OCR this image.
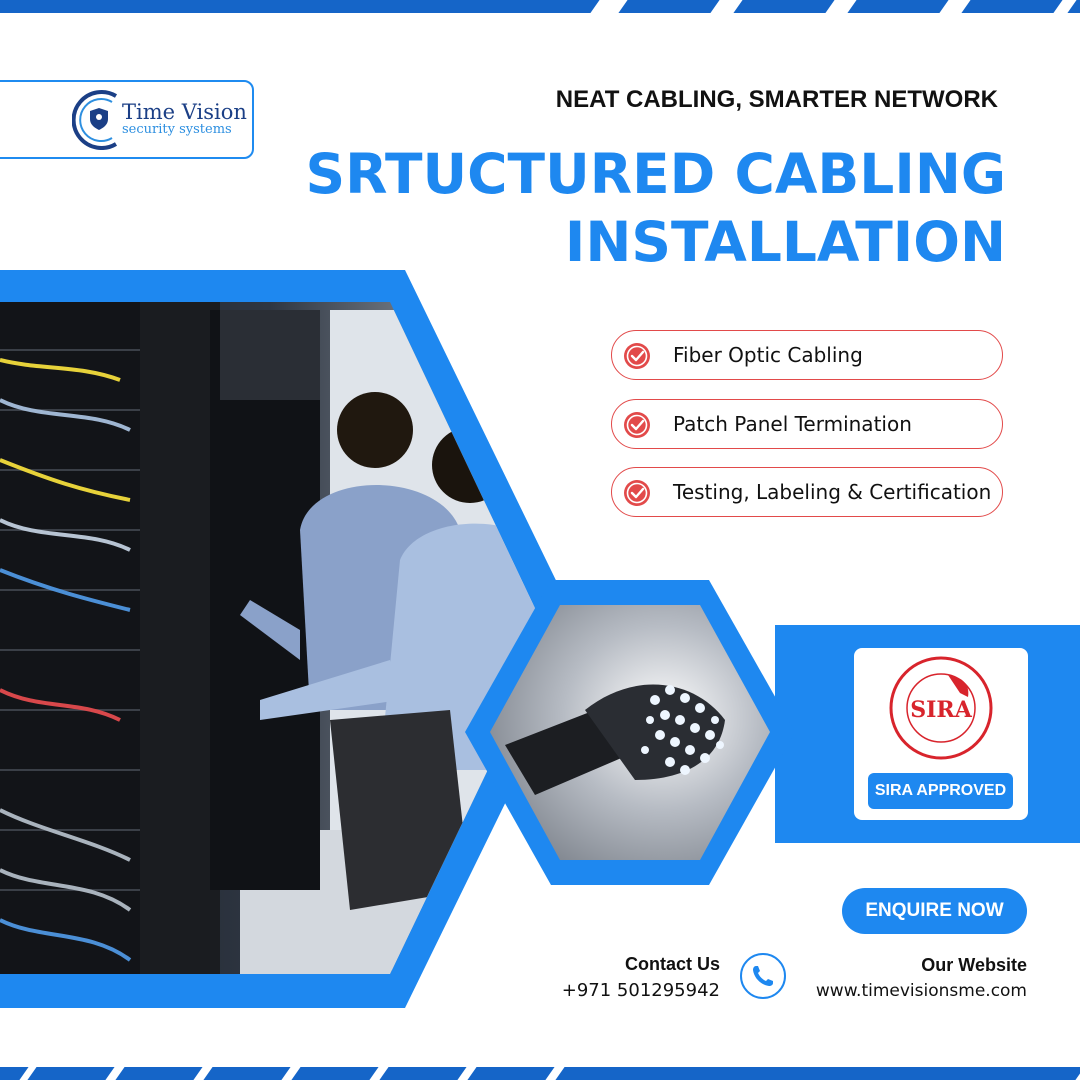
Time Vision
security systems
NEAT CABLING, SMARTER NETWORK
SRTUCTURED CABLING
INSTALLATION
Fiber Optic Cabling
Patch Panel Termination
Testing, Labeling & Certification
SIRA
SIRA APPROVED
ENQUIRE NOW
Contact Us
+971 501295942
Our Website
www.timevisionsme.com
